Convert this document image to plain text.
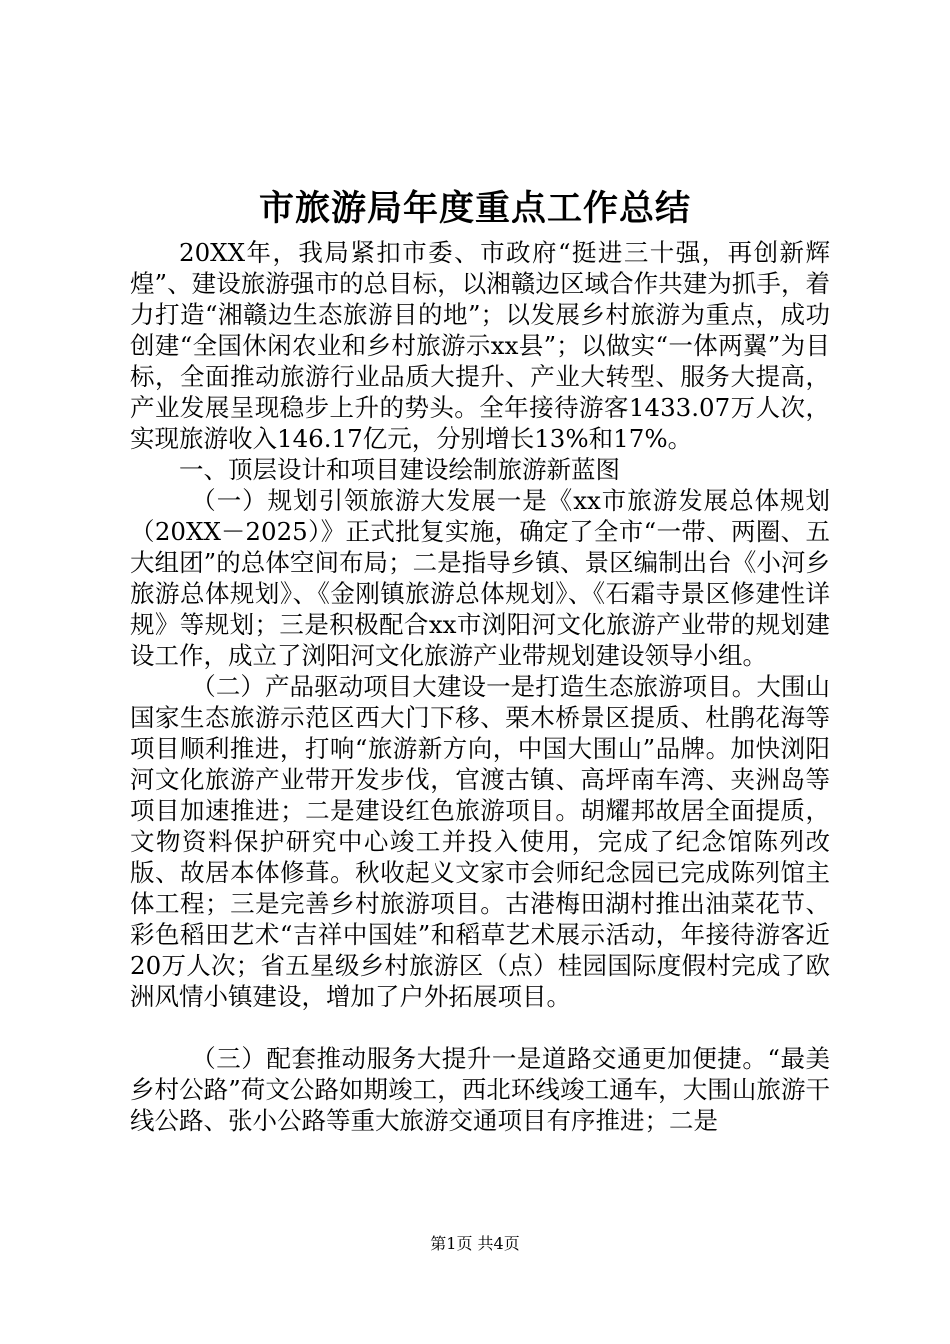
市旅游局年度重点工作总结

20XX年，我局紧扣市委、市政府“挺进三十强，再创新辉煌”、建设旅游强市的总目标，以湘赣边区域合作共建为抓手，着力打造“湘赣边生态旅游目的地”；以发展乡村旅游为重点，成功创建“全国休闲农业和乡村旅游示xx县”；以做实“一体两翼”为目标，全面推动旅游行业品质大提升、产业大转型、服务大提高，产业发展呈现稳步上升的势头。全年接待游客1433.07万人次，实现旅游收入146.17亿元，分别增长13%和17%。

一、顶层设计和项目建设绘制旅游新蓝图

（一）规划引领旅游大发展一是《xx市旅游发展总体规划（20XX－2025）》正式批复实施，确定了全市“一带、两圈、五大组团”的总体空间布局；二是指导乡镇、景区编制出台《小河乡旅游总体规划》、《金刚镇旅游总体规划》、《石霜寺景区修建性详规》等规划；三是积极配合xx市浏阳河文化旅游产业带的规划建设工作，成立了浏阳河文化旅游产业带规划建设领导小组。

（二）产品驱动项目大建设一是打造生态旅游项目。大围山国家生态旅游示范区西大门下移、栗木桥景区提质、杜鹃花海等项目顺利推进，打响“旅游新方向，中国大围山”品牌。加快浏阳河文化旅游产业带开发步伐，官渡古镇、高坪南车湾、夹洲岛等项目加速推进；二是建设红色旅游项目。胡耀邦故居全面提质，文物资料保护研究中心竣工并投入使用，完成了纪念馆陈列改版、故居本体修葺。秋收起义文家市会师纪念园已完成陈列馆主体工程；三是完善乡村旅游项目。古港梅田湖村推出油菜花节、彩色稻田艺术“吉祥中国娃”和稻草艺术展示活动，年接待游客近20万人次；省五星级乡村旅游区（点）桂园国际度假村完成了欧洲风情小镇建设，增加了户外拓展项目。

（三）配套推动服务大提升一是道路交通更加便捷。“最美乡村公路”荷文公路如期竣工，西北环线竣工通车，大围山旅游干线公路、张小公路等重大旅游交通项目有序推进；二是

第1页 共4页
